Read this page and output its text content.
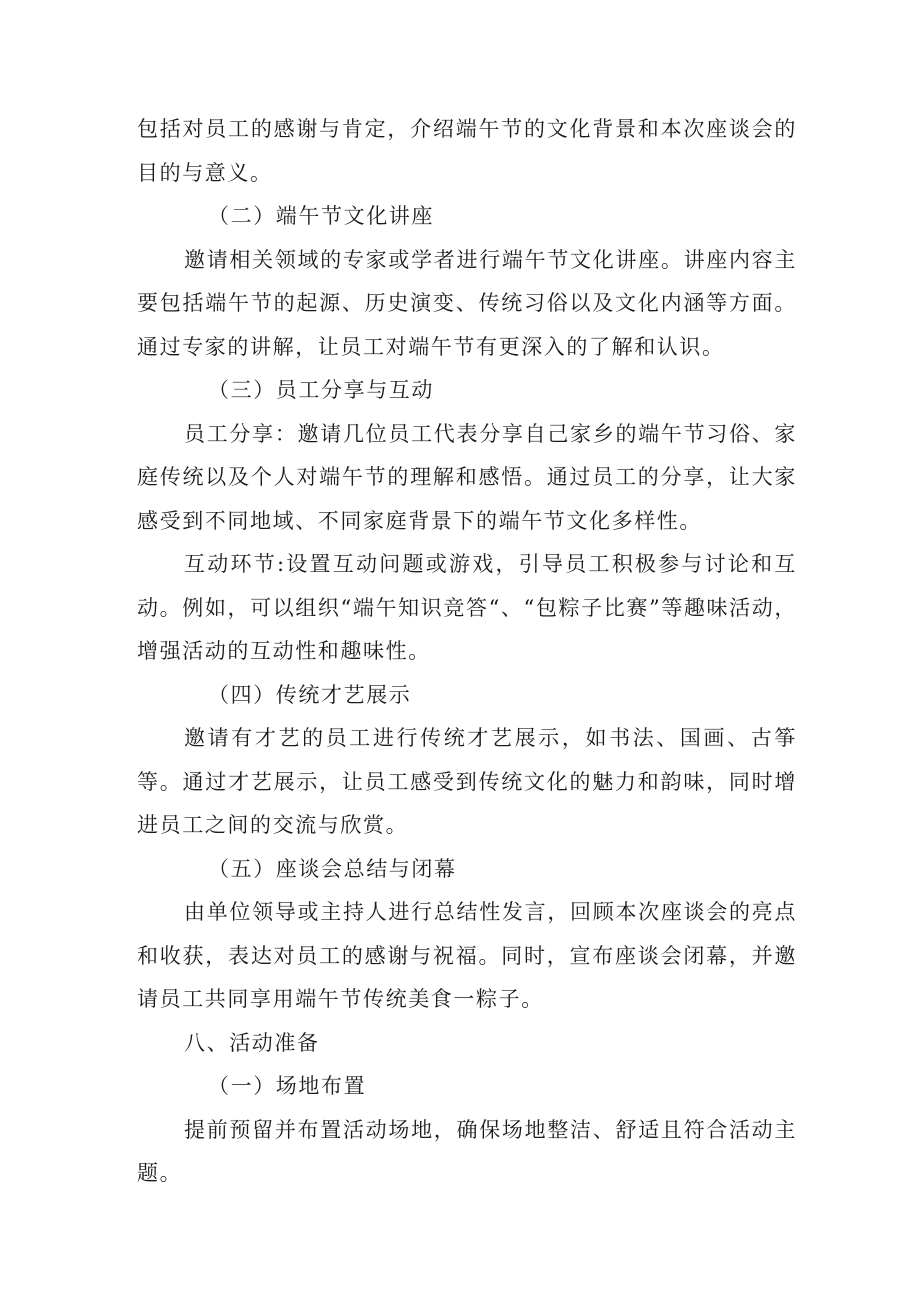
包括对员工的感谢与肯定，介绍端午节的文化背景和本次座谈会的目的与意义。

（二）端午节文化讲座

邀请相关领域的专家或学者进行端午节文化讲座。讲座内容主要包括端午节的起源、历史演变、传统习俗以及文化内涵等方面。通过专家的讲解，让员工对端午节有更深入的了解和认识。

（三）员工分享与互动

员工分享：邀请几位员工代表分享自己家乡的端午节习俗、家庭传统以及个人对端午节的理解和感悟。通过员工的分享，让大家感受到不同地域、不同家庭背景下的端午节文化多样性。

互动环节:设置互动问题或游戏，引导员工积极参与讨论和互动。例如，可以组织“端午知识竞答“、“包粽子比赛”等趣味活动，增强活动的互动性和趣味性。

（四）传统才艺展示

邀请有才艺的员工进行传统才艺展示，如书法、国画、古筝等。通过才艺展示，让员工感受到传统文化的魅力和韵味，同时增进员工之间的交流与欣赏。

（五）座谈会总结与闭幕

由单位领导或主持人进行总结性发言，回顾本次座谈会的亮点和收获，表达对员工的感谢与祝福。同时，宣布座谈会闭幕，并邀请员工共同享用端午节传统美食一粽子。

八、活动准备

（一）场地布置

提前预留并布置活动场地，确保场地整洁、舒适且符合活动主题。
